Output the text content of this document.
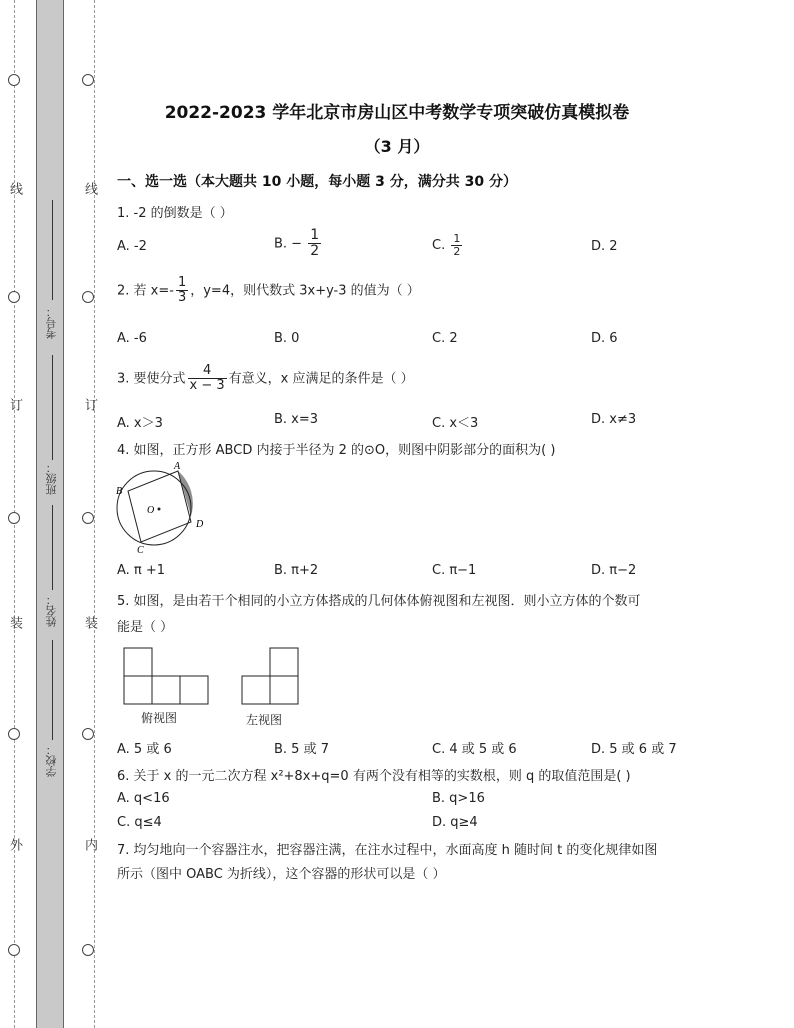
线
订
装
外
线
订
装
内
考号：
班级：
姓名：
学校：
2022-2023 学年北京市房山区中考数学专项突破仿真模拟卷
（3 月）
一、选一选（本大题共 10 小题，每小题 3 分，满分共 30 分）
1. -2 的倒数是（ ）
A. -2	B. − $\frac{1}{2}$	C. $\frac{1}{2}$	D. 2
2. 若 $x=- \frac{1}{3}$ ，y=4，则代数式 3x+y-3 的值为（ ）
A. -6	B. 0	C. 2	D. 6
3. 要使分式 $\frac{4}{x - 3}$ 有意义，x 应满足的条件是（ ）
A. x＞3	B. x=3	C. x＜3	D. x≠3
4. 如图，正方形 ABCD 内接于半径为 2 的⊙O，则图中阴影部分的面积为( )
A
B
C
D
O
A. π +1	B. π+2	C. π−1	D. π−2
5. 如图，是由若干个相同的小立方体搭成的几何体体俯视图和左视图．则小立方体的个数可
能是（ ）
俯视图	左视图
A. 5 或 6	B. 5 或 7	C. 4 或 5 或 6	D. 5 或 6 或 7
6. 关于 x 的一元二次方程 x²+8x+q=0 有两个没有相等的实数根，则 q 的取值范围是( )
A. q<16	B. q>16
C. q≤4	D. q≥4
7. 均匀地向一个容器注水，把容器注满，在注水过程中，水面高度 h 随时间 t 的变化规律如图
所示（图中 OABC 为折线），这个容器的形状可以是（ ）
